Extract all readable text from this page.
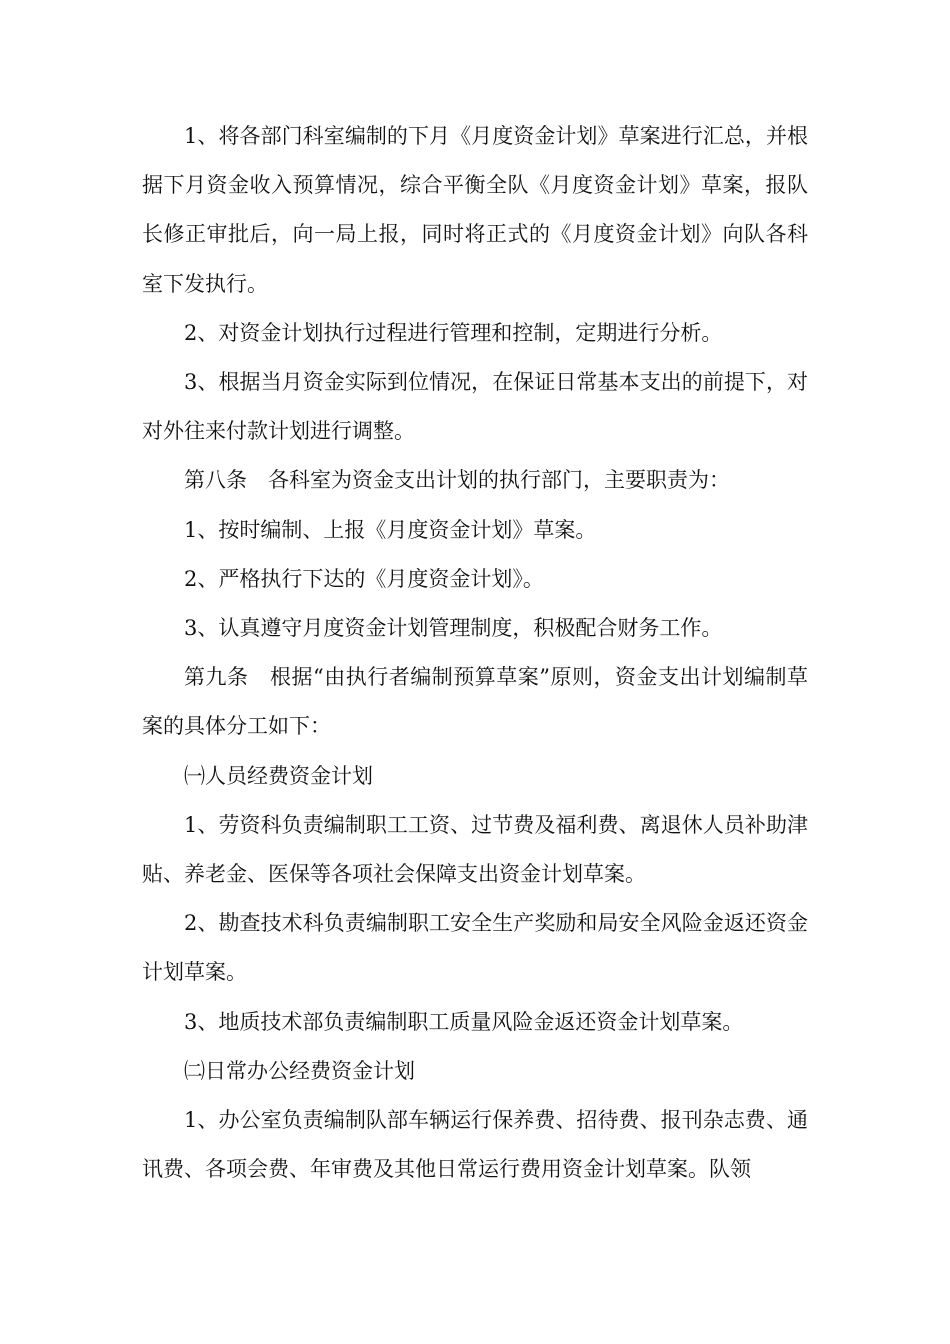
1、将各部门科室编制的下月《月度资金计划》草案进行汇总，并根据下月资金收入预算情况，综合平衡全队《月度资金计划》草案，报队长修正审批后，向一局上报，同时将正式的《月度资金计划》向队各科室下发执行。

2、对资金计划执行过程进行管理和控制，定期进行分析。

3、根据当月资金实际到位情况，在保证日常基本支出的前提下，对对外往来付款计划进行调整。

第八条　各科室为资金支出计划的执行部门，主要职责为：

1、按时编制、上报《月度资金计划》草案。

2、严格执行下达的《月度资金计划》。

3、认真遵守月度资金计划管理制度，积极配合财务工作。

第九条　根据“由执行者编制预算草案”原则，资金支出计划编制草案的具体分工如下：

㈠人员经费资金计划

1、劳资科负责编制职工工资、过节费及福利费、离退休人员补助津贴、养老金、医保等各项社会保障支出资金计划草案。

2、勘查技术科负责编制职工安全生产奖励和局安全风险金返还资金计划草案。

3、地质技术部负责编制职工质量风险金返还资金计划草案。

㈡日常办公经费资金计划

1、办公室负责编制队部车辆运行保养费、招待费、报刊杂志费、通讯费、各项会费、年审费及其他日常运行费用资金计划草案。队领
